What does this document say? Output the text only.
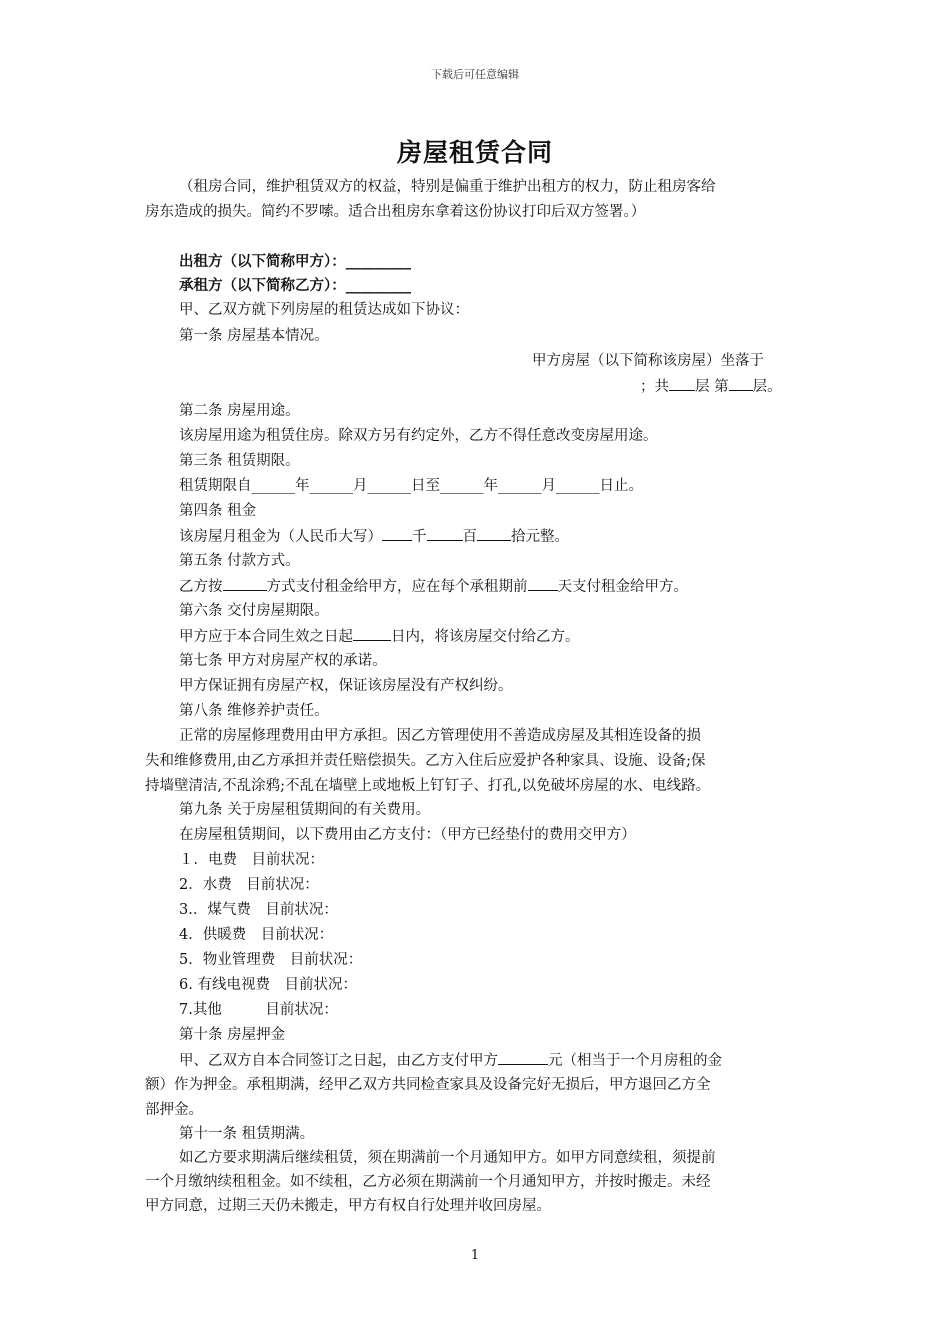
下载后可任意编辑
房屋租赁合同
（租房合同，维护租赁双方的权益，特别是偏重于维护出租方的权力，防止租房客给
房东造成的损失。简约不罗嗦。适合出租房东拿着这份协议打印后双方签署。）
出租方（以下简称甲方）：_________
承租方（以下简称乙方）：_________
甲、乙双方就下列房屋的租赁达成如下协议：
第一条 房屋基本情况。
甲方房屋（以下简称该房屋）坐落于
；共 层 第 层。
第二条 房屋用途。
该房屋用途为租赁住房。除双方另有约定外，乙方不得任意改变房屋用途。
第三条 租赁期限。
租赁期限自______年______月______日至______年______月______日止。
第四条 租金
该房屋月租金为（人民币大写） 千 百 拾元整。
第五条 付款方式。
乙方按	方式支付租金给甲方，应在每个承租期前 天支付租金给甲方。
第六条 交付房屋期限。
甲方应于本合同生效之日起	日内，将该房屋交付给乙方。
第七条 甲方对房屋产权的承诺。
甲方保证拥有房屋产权，保证该房屋没有产权纠纷。
第八条 维修养护责任。
正常的房屋修理费用由甲方承担。因乙方管理使用不善造成房屋及其相连设备的损
失和维修费用,由乙方承担并责任赔偿损失。乙方入住后应爱护各种家具、设施、设备;保
持墙壁清洁,不乱涂鸦;不乱在墙壁上或地板上钉钉子、打孔,以免破坏房屋的水、电线路。
第九条 关于房屋租赁期间的有关费用。
在房屋租赁期间，以下费用由乙方支付：（甲方已经垫付的费用交甲方）
１．电费　目前状况：
2．水费　目前状况：
3.．煤气费　目前状况：
4．供暖费　目前状况：
5．物业管理费　目前状况：
6. 有线电视费　目前状况：
7.其他　　　目前状况：
第十条 房屋押金
甲、乙双方自本合同签订之日起，由乙方支付甲方	元（相当于一个月房租的金
额）作为押金。承租期满，经甲乙双方共同检查家具及设备完好无损后，甲方退回乙方全
部押金。
第十一条 租赁期满。
如乙方要求期满后继续租赁，须在期满前一个月通知甲方。如甲方同意续租，须提前
一个月缴纳续租租金。如不续租，乙方必须在期满前一个月通知甲方，并按时搬走。未经
甲方同意，过期三天仍未搬走，甲方有权自行处理并收回房屋。
1
